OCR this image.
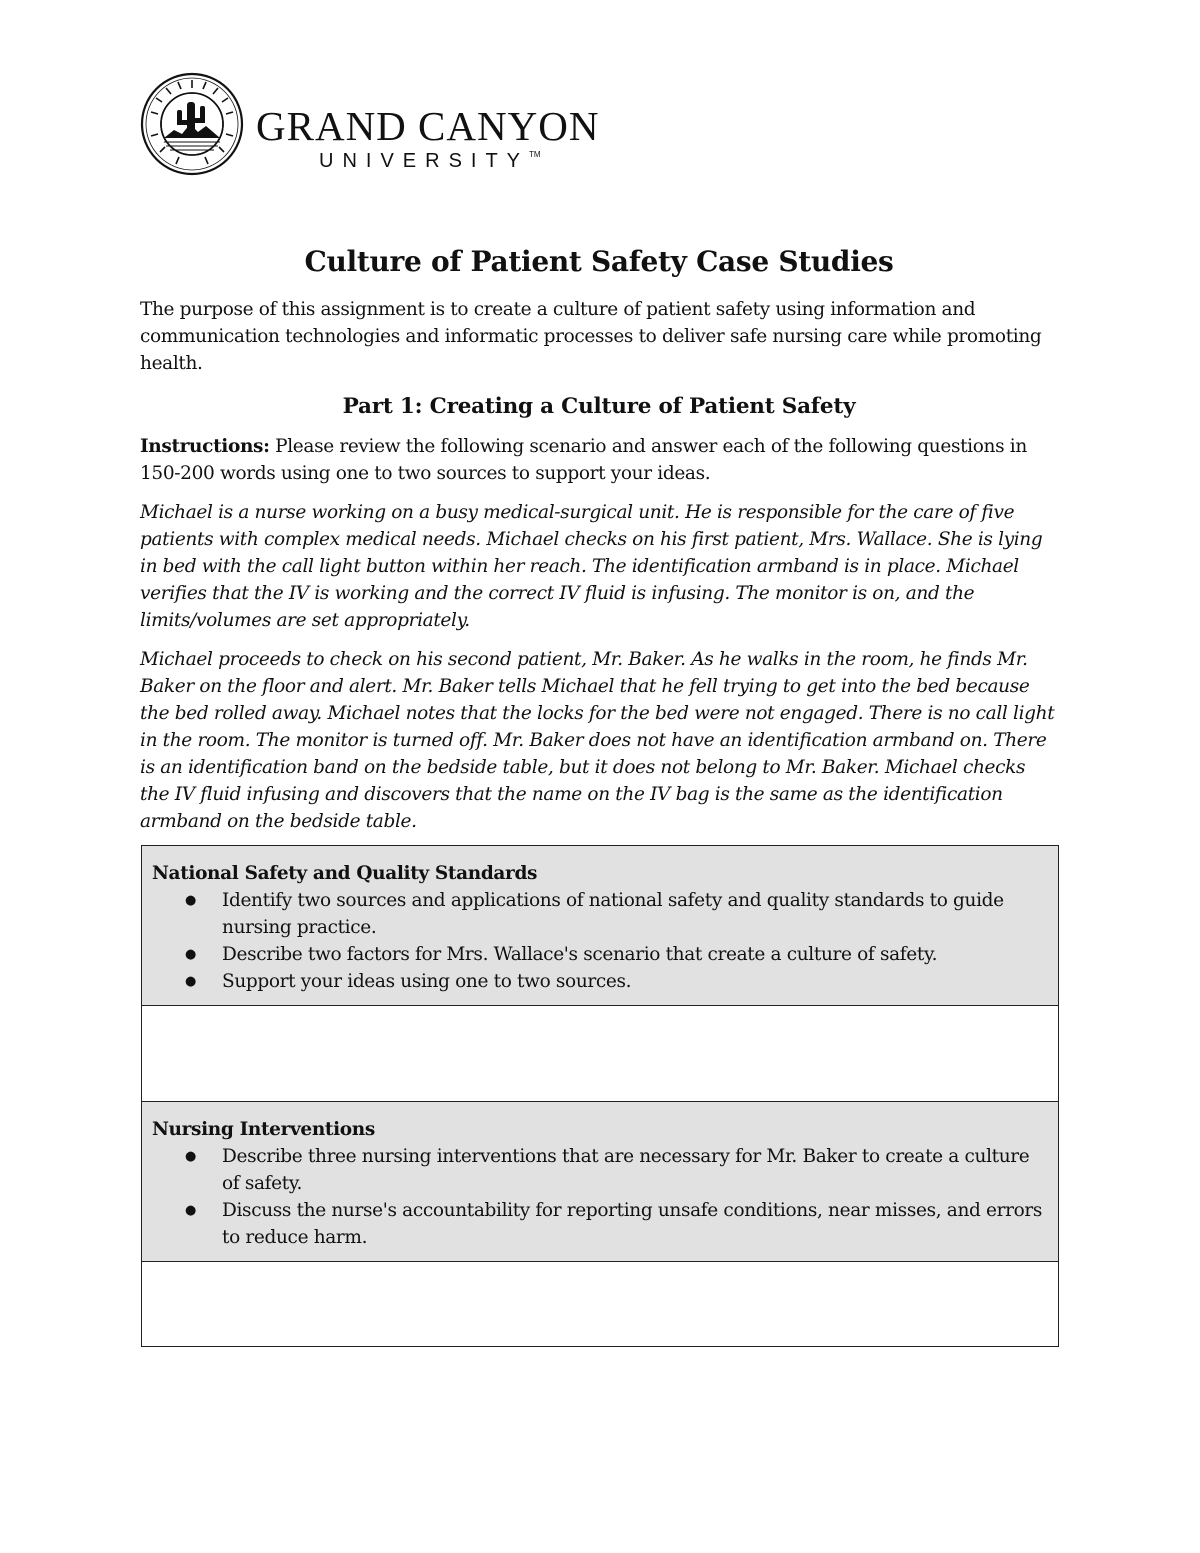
GRAND CANYON
UNIVERSITY™
Culture of Patient Safety Case Studies

The purpose of this assignment is to create a culture of patient safety using information and communication technologies and informatic processes to deliver safe nursing care while promoting health.

Part 1: Creating a Culture of Patient Safety

Instructions: Please review the following scenario and answer each of the following questions in 150-200 words using one to two sources to support your ideas.

Michael is a nurse working on a busy medical-surgical unit. He is responsible for the care of five patients with complex medical needs. Michael checks on his first patient, Mrs. Wallace. She is lying in bed with the call light button within her reach. The identification armband is in place. Michael verifies that the IV is working and the correct IV fluid is infusing. The monitor is on, and the limits/volumes are set appropriately.

Michael proceeds to check on his second patient, Mr. Baker. As he walks in the room, he finds Mr. Baker on the floor and alert. Mr. Baker tells Michael that he fell trying to get into the bed because the bed rolled away. Michael notes that the locks for the bed were not engaged. There is no call light in the room. The monitor is turned off. Mr. Baker does not have an identification armband on. There is an identification band on the bedside table, but it does not belong to Mr. Baker. Michael checks the IV fluid infusing and discovers that the name on the IV bag is the same as the identification armband on the bedside table.

National Safety and Quality Standards
● Identify two sources and applications of national safety and quality standards to guide nursing practice.
● Describe two factors for Mrs. Wallace's scenario that create a culture of safety.
● Support your ideas using one to two sources.

Nursing Interventions
● Describe three nursing interventions that are necessary for Mr. Baker to create a culture of safety.
● Discuss the nurse's accountability for reporting unsafe conditions, near misses, and errors to reduce harm.
